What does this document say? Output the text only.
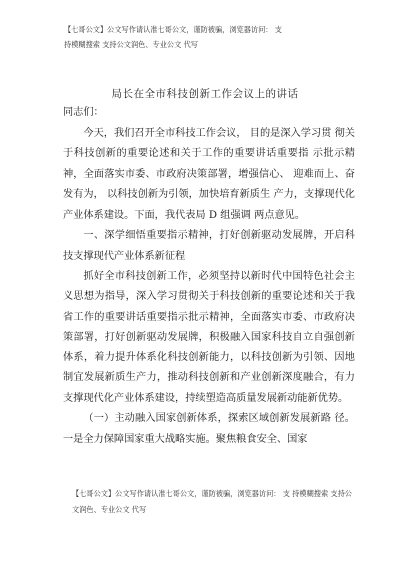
【七哥公文】公文写作请认准七哥公文，谨防被骗，浏览器访问： 支
持模糊搜索 支持公文润色、专业公文 代写
局长在全市科技创新工作会议上的讲话

同志们：

今天，我们召开全市科技工作会议， 目的是深入学习贯 彻关于科技创新的重要论述和关于工作的重要讲话重要指 示批示精神，全面落实市委、市政府决策部署，增强信心、 迎难而上、奋发有为， 以科技创新为引领，加快培育新质生 产力，支撑现代化产业体系建设。下面，我代表局 D 组强调 两点意见。

一、深学细悟重要指示精神，打好创新驱动发展牌，开启科技支撑现代产业体系新征程

抓好全市科技创新工作，必须坚持以新时代中国特色社会主义思想为指导，深入学习贯彻关于科技创新的重要论述和关于我省工作的重要讲话重要指示批示精神，全面落实市委、市政府决策部署，打好创新驱动发展牌，积极融入国家科技自立自强创新体系，着力提升体系化科技创新能力，以科技创新为引领、因地制宜发展新质生产力，推动科技创新和产业创新深度融合，有力支撑现代化产业体系建设，持续塑造高质量发展新动能新优势。

（一）主动融入国家创新体系，探索区域创新发展新路 径。一是全力保障国家重大战略实施。聚焦粮食安全、国家

【七哥公文】公文写作请认准七哥公文，谨防被骗，浏览器访问： 支 持模糊搜索 支持公
文润色、专业公文 代写
